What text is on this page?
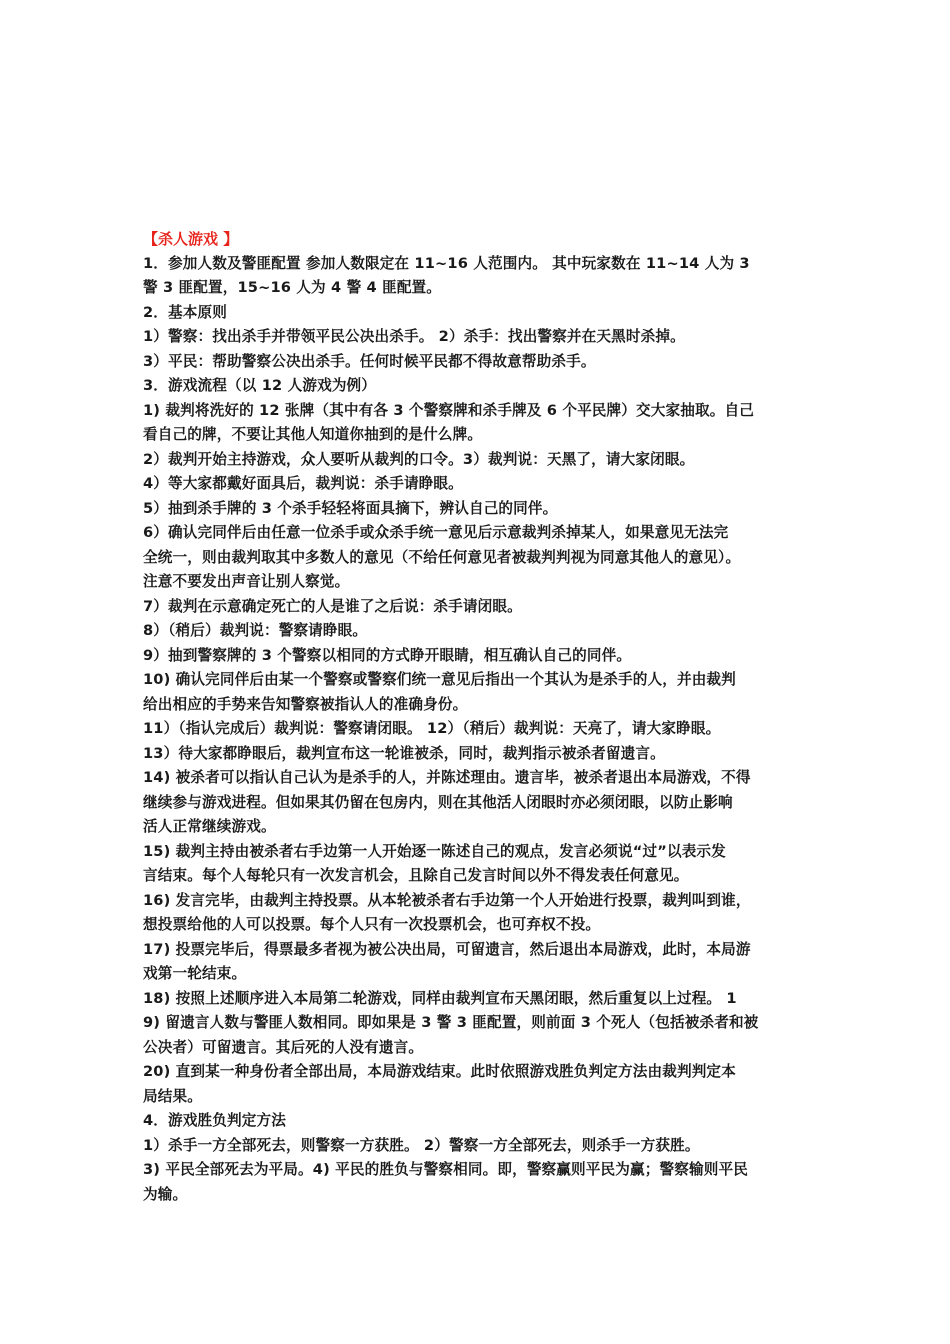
【杀人游戏 】
1．参加人数及警匪配置 参加人数限定在 11~16 人范围内。 其中玩家数在 11~14 人为 3
警 3 匪配置，15~16 人为 4 警 4 匪配置。
2．基本原则
1）警察：找出杀手并带领平民公决出杀手。 2）杀手：找出警察并在天黑时杀掉。
3）平民：帮助警察公决出杀手。任何时候平民都不得故意帮助杀手。
3．游戏流程（以 12 人游戏为例）
1) 裁判将洗好的 12 张牌（其中有各 3 个警察牌和杀手牌及 6 个平民牌）交大家抽取。自己
看自己的牌，不要让其他人知道你抽到的是什么牌。
2）裁判开始主持游戏，众人要听从裁判的口令。3）裁判说：天黑了，请大家闭眼。
4）等大家都戴好面具后，裁判说：杀手请睁眼。
5）抽到杀手牌的 3 个杀手轻轻将面具摘下，辨认自己的同伴。
6）确认完同伴后由任意一位杀手或众杀手统一意见后示意裁判杀掉某人，如果意见无法完
全统一，则由裁判取其中多数人的意见（不给任何意见者被裁判判视为同意其他人的意见）。
注意不要发出声音让别人察觉。
7）裁判在示意确定死亡的人是谁了之后说：杀手请闭眼。
8）（稍后）裁判说：警察请睁眼。
9）抽到警察牌的 3 个警察以相同的方式睁开眼睛，相互确认自己的同伴。
10) 确认完同伴后由某一个警察或警察们统一意见后指出一个其认为是杀手的人，并由裁判
给出相应的手势来告知警察被指认人的准确身份。
11）（指认完成后）裁判说：警察请闭眼。 12）（稍后）裁判说：天亮了，请大家睁眼。
13）待大家都睁眼后，裁判宣布这一轮谁被杀，同时，裁判指示被杀者留遗言。
14) 被杀者可以指认自己认为是杀手的人，并陈述理由。遗言毕，被杀者退出本局游戏，不得
继续参与游戏进程。但如果其仍留在包房内，则在其他活人闭眼时亦必须闭眼，以防止影响
活人正常继续游戏。
15) 裁判主持由被杀者右手边第一人开始逐一陈述自己的观点，发言必须说“过”以表示发
言结束。每个人每轮只有一次发言机会，且除自己发言时间以外不得发表任何意见。
16) 发言完毕，由裁判主持投票。从本轮被杀者右手边第一个人开始进行投票，裁判叫到谁，
想投票给他的人可以投票。每个人只有一次投票机会，也可弃权不投。
17) 投票完毕后，得票最多者视为被公决出局，可留遗言，然后退出本局游戏，此时，本局游
戏第一轮结束。
18) 按照上述顺序进入本局第二轮游戏，同样由裁判宣布天黑闭眼，然后重复以上过程。 1
9) 留遗言人数与警匪人数相同。即如果是 3 警 3 匪配置，则前面 3 个死人（包括被杀者和被
公决者）可留遗言。其后死的人没有遗言。
20) 直到某一种身份者全部出局，本局游戏结束。此时依照游戏胜负判定方法由裁判判定本
局结果。
4．游戏胜负判定方法
1）杀手一方全部死去，则警察一方获胜。 2）警察一方全部死去，则杀手一方获胜。
3) 平民全部死去为平局。4) 平民的胜负与警察相同。即，警察赢则平民为赢；警察输则平民
为输。
